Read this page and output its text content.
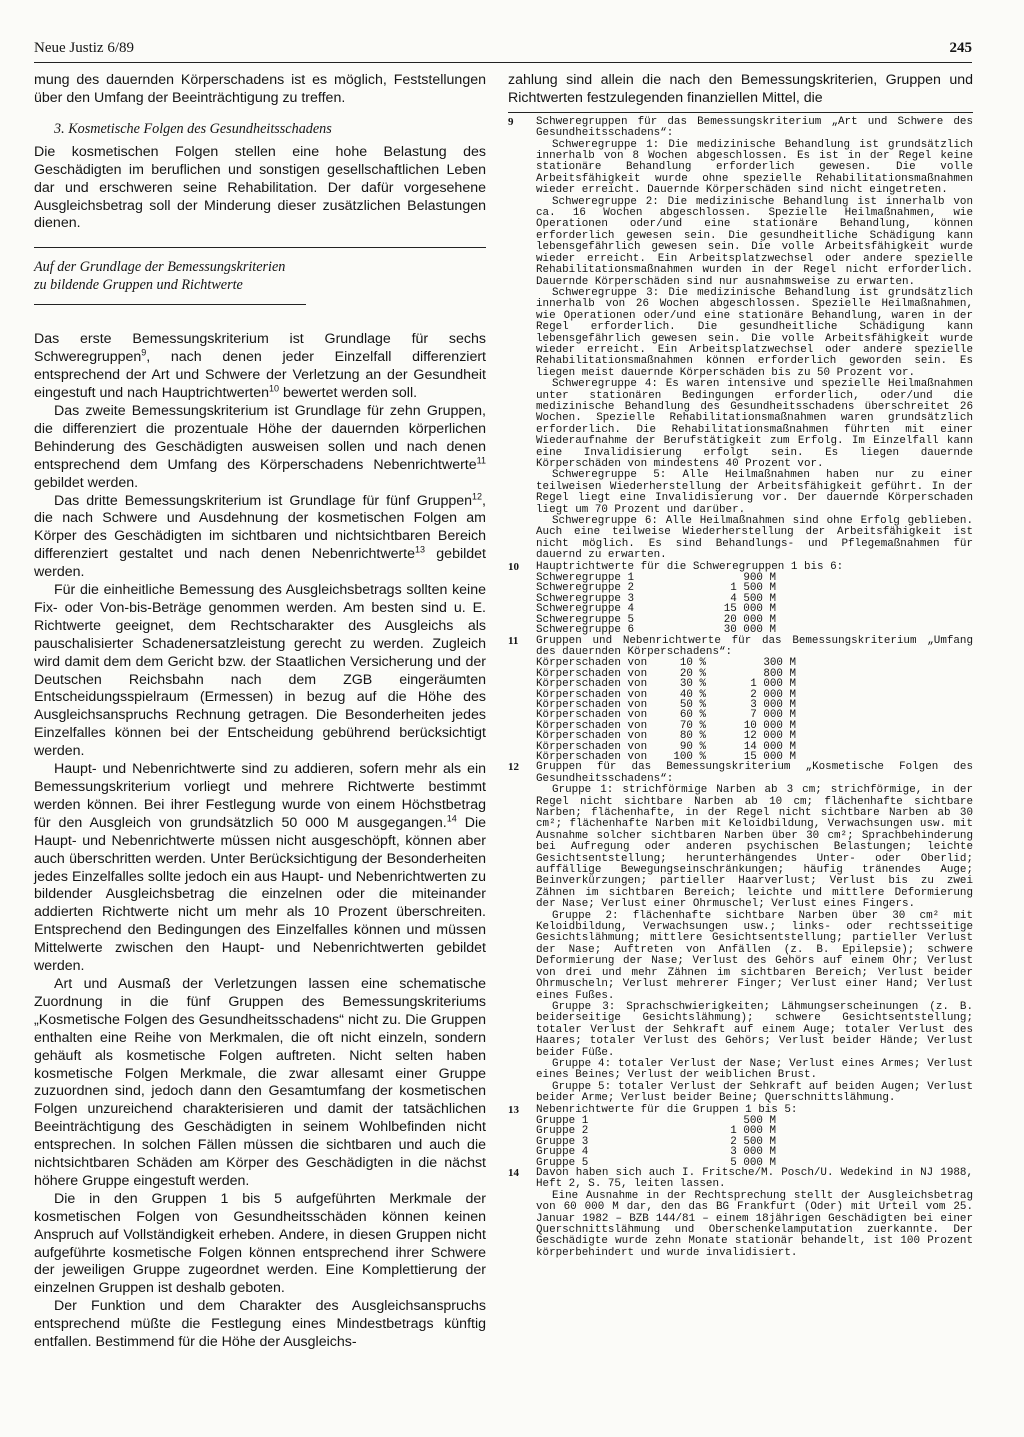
Neue Justiz 6/89	245

mung des dauernden Körperschadens ist es möglich, Feststellungen über den Umfang der Beeinträchtigung zu treffen.

3. Kosmetische Folgen des Gesundheitsschadens

Die kosmetischen Folgen stellen eine hohe Belastung des Geschädigten im beruflichen und sonstigen gesellschaftlichen Leben dar und erschweren seine Rehabilitation. Der dafür vorgesehene Ausgleichsbetrag soll der Minderung dieser zusätzlichen Belastungen dienen.

Auf der Grundlage der Bemessungskriterien

zu bildende Gruppen und Richtwerte

Das erste Bemessungskriterium ist Grundlage für sechs Schweregruppen$^9$, nach denen jeder Einzelfall differenziert entsprechend der Art und Schwere der Verletzung an der Gesundheit eingestuft und nach Hauptrichtwerten$^{10}$ bewertet werden soll.

Das zweite Bemessungskriterium ist Grundlage für zehn Gruppen, die differenziert die prozentuale Höhe der dauernden körperlichen Behinderung des Geschädigten ausweisen sollen und nach denen entsprechend dem Umfang des Körperschadens Nebenrichtwerte$^{11}$ gebildet werden.

Das dritte Bemessungskriterium ist Grundlage für fünf Gruppen$^{12}$, die nach Schwere und Ausdehnung der kosmetischen Folgen am Körper des Geschädigten im sichtbaren und nichtsichtbaren Bereich differenziert gestaltet und nach denen Nebenrichtwerte$^{13}$ gebildet werden.

Für die einheitliche Bemessung des Ausgleichsbetrags sollten keine Fix- oder Von-bis-Beträge genommen werden. Am besten sind u. E. Richtwerte geeignet, dem Rechtscharakter des Ausgleichs als pauschalisierter Schadenersatzleistung gerecht zu werden. Zugleich wird damit dem dem Gericht bzw. der Staatlichen Versicherung und der Deutschen Reichsbahn nach dem ZGB eingeräumten Entscheidungsspielraum (Ermessen) in bezug auf die Höhe des Ausgleichsanspruchs Rechnung getragen. Die Besonderheiten jedes Einzelfalles können bei der Entscheidung gebührend berücksichtigt werden.

Haupt- und Nebenrichtwerte sind zu addieren, sofern mehr als ein Bemessungskriterium vorliegt und mehrere Richtwerte bestimmt werden können. Bei ihrer Festlegung wurde von einem Höchstbetrag für den Ausgleich von grundsätzlich 50 000 M ausgegangen.$^{14}$ Die Haupt- und Nebenrichtwerte müssen nicht ausgeschöpft, können aber auch überschritten werden. Unter Berücksichtigung der Besonderheiten jedes Einzelfalles sollte jedoch ein aus Haupt- und Nebenrichtwerten zu bildender Ausgleichsbetrag die einzelnen oder die miteinander addierten Richtwerte nicht um mehr als 10 Prozent überschreiten. Entsprechend den Bedingungen des Einzelfalles können und müssen Mittelwerte zwischen den Haupt- und Nebenrichtwerten gebildet werden.

Art und Ausmaß der Verletzungen lassen eine schematische Zuordnung in die fünf Gruppen des Bemessungskriteriums „Kosmetische Folgen des Gesundheitsschadens“ nicht zu. Die Gruppen enthalten eine Reihe von Merkmalen, die oft nicht einzeln, sondern gehäuft als kosmetische Folgen auftreten. Nicht selten haben kosmetische Folgen Merkmale, die zwar allesamt einer Gruppe zuzuordnen sind, jedoch dann den Gesamtumfang der kosmetischen Folgen unzureichend charakterisieren und damit der tatsächlichen Beeinträchtigung des Geschädigten in seinem Wohlbefinden nicht entsprechen. In solchen Fällen müssen die sichtbaren und auch die nichtsichtbaren Schäden am Körper des Geschädigten in die nächst höhere Gruppe eingestuft werden.

Die in den Gruppen 1 bis 5 aufgeführten Merkmale der kosmetischen Folgen von Gesundheitsschäden können keinen Anspruch auf Vollständigkeit erheben. Andere, in diesen Gruppen nicht aufgeführte kosmetische Folgen können entsprechend ihrer Schwere der jeweiligen Gruppe zugeordnet werden. Eine Komplettierung der einzelnen Gruppen ist deshalb geboten.

Der Funktion und dem Charakter des Ausgleichsanspruchs entsprechend müßte die Festlegung eines Mindestbetrags künftig entfallen. Bestimmend für die Höhe der Ausgleichs-

zahlung sind allein die nach den Bemessungskriterien, Gruppen und Richtwerten festzulegenden finanziellen Mittel, die

9 Schweregruppen für das Bemessungskriterium „Art und Schwere des Gesundheitsschadens“:

Schweregruppe 1: Die medizinische Behandlung ist grundsätzlich innerhalb von 8 Wochen abgeschlossen. Es ist in der Regel keine stationäre Behandlung erforderlich gewesen. Die volle Arbeitsfähigkeit wurde ohne spezielle Rehabilitationsmaßnahmen wieder erreicht. Dauernde Körperschäden sind nicht eingetreten.

Schweregruppe 2: Die medizinische Behandlung ist innerhalb von ca. 16 Wochen abgeschlossen. Spezielle Heilmaßnahmen, wie Operationen oder/und eine stationäre Behandlung, können erforderlich gewesen sein. Die gesundheitliche Schädigung kann lebensgefährlich gewesen sein. Die volle Arbeitsfähigkeit wurde wieder erreicht. Ein Arbeitsplatzwechsel oder andere spezielle Rehabilitationsmaßnahmen wurden in der Regel nicht erforderlich. Dauernde Körperschäden sind nur ausnahmsweise zu erwarten.

Schweregruppe 3: Die medizinische Behandlung ist grundsätzlich innerhalb von 26 Wochen abgeschlossen. Spezielle Heilmaßnahmen, wie Operationen oder/und eine stationäre Behandlung, waren in der Regel erforderlich. Die gesundheitliche Schädigung kann lebensgefährlich gewesen sein. Die volle Arbeitsfähigkeit wurde wieder erreicht. Ein Arbeitsplatzwechsel oder andere spezielle Rehabilitationsmaßnahmen können erforderlich geworden sein. Es liegen meist dauernde Körperschäden bis zu 50 Prozent vor.

Schweregruppe 4: Es waren intensive und spezielle Heilmaßnahmen unter stationären Bedingungen erforderlich, oder/und die medizinische Behandlung des Gesundheitsschadens überschreitet 26 Wochen. Spezielle Rehabilitationsmaßnahmen waren grundsätzlich erforderlich. Die Rehabilitationsmaßnahmen führten mit einer Wiederaufnahme der Berufstätigkeit zum Erfolg. Im Einzelfall kann eine Invalidisierung erfolgt sein. Es liegen dauernde Körperschäden von mindestens 40 Prozent vor.

Schweregruppe 5: Alle Heilmaßnahmen haben nur zu einer teilweisen Wiederherstellung der Arbeitsfähigkeit geführt. In der Regel liegt eine Invalidisierung vor. Der dauernde Körperschaden liegt um 70 Prozent und darüber.

Schweregruppe 6: Alle Heilmaßnahmen sind ohne Erfolg geblieben. Auch eine teilweise Wiederherstellung der Arbeitsfähigkeit ist nicht möglich. Es sind Behandlungs- und Pflegemaßnahmen für dauernd zu erwarten.

10 Hauptrichtwerte für die Schweregruppen 1 bis 6:

Schweregruppe 1	900 M
Schweregruppe 2	1 500 M
Schweregruppe 3	4 500 M
Schweregruppe 4	15 000 M
Schweregruppe 5	20 000 M
Schweregruppe 6	30 000 M
11 Gruppen und Nebenrichtwerte für das Bemessungskriterium „Umfang des dauernden Körperschadens“:

Körperschaden von	10 %	300 M
Körperschaden von	20 %	800 M
Körperschaden von	30 %	1 000 M
Körperschaden von	40 %	2 000 M
Körperschaden von	50 %	3 000 M
Körperschaden von	60 %	7 000 M
Körperschaden von	70 %	10 000 M
Körperschaden von	80 %	12 000 M
Körperschaden von	90 %	14 000 M
Körperschaden von	100 %	15 000 M
12 Gruppen für das Bemessungskriterium „Kosmetische Folgen des Gesundheitsschadens“:

Gruppe 1: strichförmige Narben ab 3 cm; strichförmige, in der Regel nicht sichtbare Narben ab 10 cm; flächenhafte sichtbare Narben; flächenhafte, in der Regel nicht sichtbare Narben ab 30 cm²; flächenhafte Narben mit Keloidbildung, Verwachsungen usw. mit Ausnahme solcher sichtbaren Narben über 30 cm²; Sprachbehinderung bei Aufregung oder anderen psychischen Belastungen; leichte Gesichtsentstellung; herunterhängendes Unter- oder Oberlid; auffällige Bewegungseinschränkungen; häufig tränendes Auge; Beinverkürzungen; partieller Haarverlust; Verlust bis zu zwei Zähnen im sichtbaren Bereich; leichte und mittlere Deformierung der Nase; Verlust einer Ohrmuschel; Verlust eines Fingers.

Gruppe 2: flächenhafte sichtbare Narben über 30 cm² mit Keloidbildung, Verwachsungen usw.; links- oder rechtsseitige Gesichtslähmung; mittlere Gesichtsentstellung; partieller Verlust der Nase; Auftreten von Anfällen (z. B. Epilepsie); schwere Deformierung der Nase; Verlust des Gehörs auf einem Ohr; Verlust von drei und mehr Zähnen im sichtbaren Bereich; Verlust beider Ohrmuscheln; Verlust mehrerer Finger; Verlust einer Hand; Verlust eines Fußes.

Gruppe 3: Sprachschwierigkeiten; Lähmungserscheinungen (z. B. beiderseitige Gesichtslähmung); schwere Gesichtsentstellung; totaler Verlust der Sehkraft auf einem Auge; totaler Verlust des Haares; totaler Verlust des Gehörs; Verlust beider Hände; Verlust beider Füße.

Gruppe 4: totaler Verlust der Nase; Verlust eines Armes; Verlust eines Beines; Verlust der weiblichen Brust.

Gruppe 5: totaler Verlust der Sehkraft auf beiden Augen; Verlust beider Arme; Verlust beider Beine; Querschnittslähmung.

13 Nebenrichtwerte für die Gruppen 1 bis 5:

Gruppe 1	500 M
Gruppe 2	1 000 M
Gruppe 3	2 500 M
Gruppe 4	3 000 M
Gruppe 5	5 000 M
14 Davon haben sich auch I. Fritsche/M. Posch/U. Wedekind in NJ 1988, Heft 2, S. 75, leiten lassen.

Eine Ausnahme in der Rechtsprechung stellt der Ausgleichsbetrag von 60 000 M dar, den das BG Frankfurt (Oder) mit Urteil vom 25. Januar 1982 – BZB 144/81 – einem 18jährigen Geschädigten bei einer Querschnittslähmung und Oberschenkelamputation zuerkannte. Der Geschädigte wurde zehn Monate stationär behandelt, ist 100 Prozent körperbehindert und wurde invalidisiert.
